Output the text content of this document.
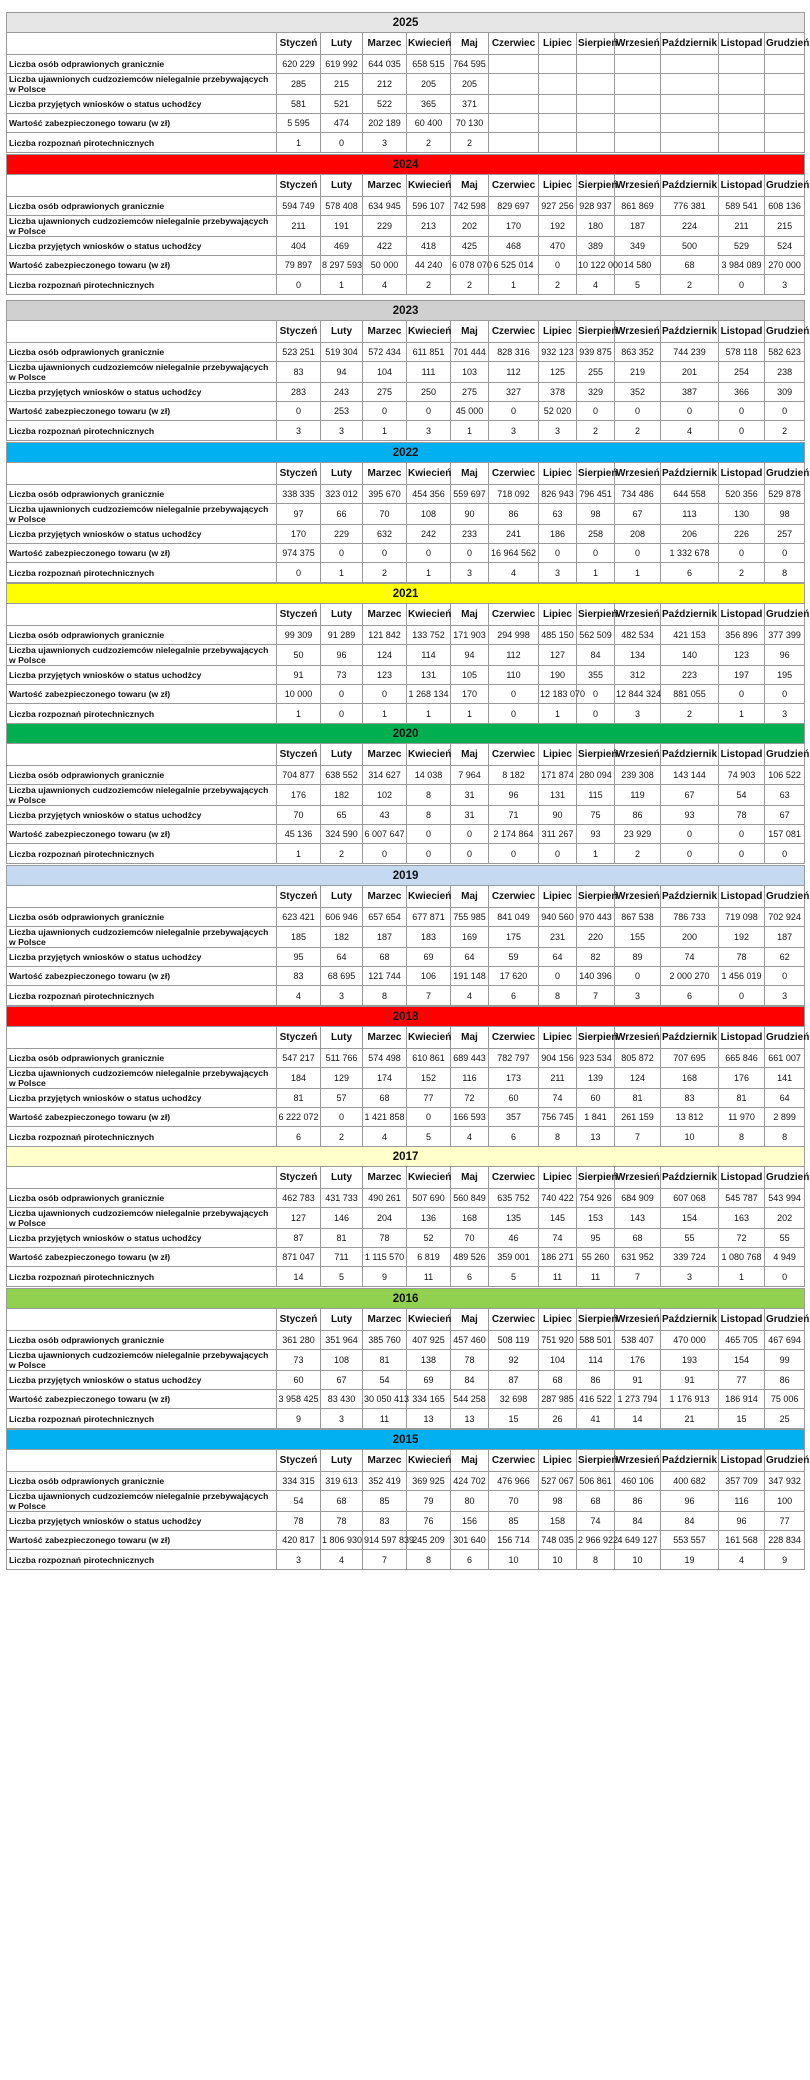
2025												
	Styczeń	Luty	Marzec	Kwiecień	Maj	Czerwiec	Lipiec	Sierpień	Wrzesień	Październik	Listopad	Grudzień
Liczba osób odprawionych granicznie	620 229	619 992	644 035	658 515	764 595							
Liczba ujawnionych cudzoziemców nielegalnie przebywających w Polsce	285	215	212	205	205							
Liczba przyjętych wniosków o status uchodźcy	581	521	522	365	371							
Wartość zabezpieczonego towaru (w zł)	5 595	474	202 189	60 400	70 130							
Liczba rozpoznań pirotechnicznych	1	0	3	2	2							
2024												
	Styczeń	Luty	Marzec	Kwiecień	Maj	Czerwiec	Lipiec	Sierpień	Wrzesień	Październik	Listopad	Grudzień
Liczba osób odprawionych granicznie	594 749	578 408	634 945	596 107	742 598	829 697	927 256	928 937	861 869	776 381	589 541	608 136
Liczba ujawnionych cudzoziemców nielegalnie przebywających w Polsce	211	191	229	213	202	170	192	180	187	224	211	215
Liczba przyjętych wniosków o status uchodźcy	404	469	422	418	425	468	470	389	349	500	529	524
Wartość zabezpieczonego towaru (w zł)	79 897	8 297 593	50 000	44 240	6 078 070	6 525 014	0	10 122 000	14 580	68	3 984 089	270 000
Liczba rozpoznań pirotechnicznych	0	1	4	2	2	1	2	4	5	2	0	3
2023												
	Styczeń	Luty	Marzec	Kwiecień	Maj	Czerwiec	Lipiec	Sierpień	Wrzesień	Październik	Listopad	Grudzień
Liczba osób odprawionych granicznie	523 251	519 304	572 434	611 851	701 444	828 316	932 123	939 875	863 352	744 239	578 118	582 623
Liczba ujawnionych cudzoziemców nielegalnie przebywających w Polsce	83	94	104	111	103	112	125	255	219	201	254	238
Liczba przyjętych wniosków o status uchodźcy	283	243	275	250	275	327	378	329	352	387	366	309
Wartość zabezpieczonego towaru (w zł)	0	253	0	0	45 000	0	52 020	0	0	0	0	0
Liczba rozpoznań pirotechnicznych	3	3	1	3	1	3	3	2	2	4	0	2
2022												
	Styczeń	Luty	Marzec	Kwiecień	Maj	Czerwiec	Lipiec	Sierpień	Wrzesień	Październik	Listopad	Grudzień
Liczba osób odprawionych granicznie	338 335	323 012	395 670	454 356	559 697	718 092	826 943	796 451	734 486	644 558	520 356	529 878
Liczba ujawnionych cudzoziemców nielegalnie przebywających w Polsce	97	66	70	108	90	86	63	98	67	113	130	98
Liczba przyjętych wniosków o status uchodźcy	170	229	632	242	233	241	186	258	208	206	226	257
Wartość zabezpieczonego towaru (w zł)	974 375	0	0	0	0	16 964 562	0	0	0	1 332 678	0	0
Liczba rozpoznań pirotechnicznych	0	1	2	1	3	4	3	1	1	6	2	8
2021												
	Styczeń	Luty	Marzec	Kwiecień	Maj	Czerwiec	Lipiec	Sierpień	Wrzesień	Październik	Listopad	Grudzień
Liczba osób odprawionych granicznie	99 309	91 289	121 842	133 752	171 903	294 998	485 150	562 509	482 534	421 153	356 896	377 399
Liczba ujawnionych cudzoziemców nielegalnie przebywających w Polsce	50	96	124	114	94	112	127	84	134	140	123	96
Liczba przyjętych wniosków o status uchodźcy	91	73	123	131	105	110	190	355	312	223	197	195
Wartość zabezpieczonego towaru (w zł)	10 000	0	0	1 268 134	170	0	12 183 070	0	12 844 324	881 055	0	0
Liczba rozpoznań pirotechnicznych	1	0	1	1	1	0	1	0	3	2	1	3
2020												
	Styczeń	Luty	Marzec	Kwiecień	Maj	Czerwiec	Lipiec	Sierpień	Wrzesień	Październik	Listopad	Grudzień
Liczba osób odprawionych granicznie	704 877	638 552	314 627	14 038	7 964	8 182	171 874	280 094	239 308	143 144	74 903	106 522
Liczba ujawnionych cudzoziemców nielegalnie przebywających w Polsce	176	182	102	8	31	96	131	115	119	67	54	63
Liczba przyjętych wniosków o status uchodźcy	70	65	43	8	31	71	90	75	86	93	78	67
Wartość zabezpieczonego towaru (w zł)	45 136	324 590	6 007 647	0	0	2 174 864	311 267	93	23 929	0	0	157 081
Liczba rozpoznań pirotechnicznych	1	2	0	0	0	0	0	1	2	0	0	0
2019												
	Styczeń	Luty	Marzec	Kwiecień	Maj	Czerwiec	Lipiec	Sierpień	Wrzesień	Październik	Listopad	Grudzień
Liczba osób odprawionych granicznie	623 421	606 946	657 654	677 871	755 985	841 049	940 560	970 443	867 538	786 733	719 098	702 924
Liczba ujawnionych cudzoziemców nielegalnie przebywających w Polsce	185	182	187	183	169	175	231	220	155	200	192	187
Liczba przyjętych wniosków o status uchodźcy	95	64	68	69	64	59	64	82	89	74	78	62
Wartość zabezpieczonego towaru (w zł)	83	68 695	121 744	106	191 148	17 620	0	140 396	0	2 000 270	1 456 019	0
Liczba rozpoznań pirotechnicznych	4	3	8	7	4	6	8	7	3	6	0	3
2018												
	Styczeń	Luty	Marzec	Kwiecień	Maj	Czerwiec	Lipiec	Sierpień	Wrzesień	Październik	Listopad	Grudzień
Liczba osób odprawionych granicznie	547 217	511 766	574 498	610 861	689 443	782 797	904 156	923 534	805 872	707 695	665 846	661 007
Liczba ujawnionych cudzoziemców nielegalnie przebywających w Polsce	184	129	174	152	116	173	211	139	124	168	176	141
Liczba przyjętych wniosków o status uchodźcy	81	57	68	77	72	60	74	60	81	83	81	64
Wartość zabezpieczonego towaru (w zł)	6 222 072	0	1 421 858	0	166 593	357	756 745	1 841	261 159	13 812	11 970	2 899
Liczba rozpoznań pirotechnicznych	6	2	4	5	4	6	8	13	7	10	8	8
2017												
	Styczeń	Luty	Marzec	Kwiecień	Maj	Czerwiec	Lipiec	Sierpień	Wrzesień	Październik	Listopad	Grudzień
Liczba osób odprawionych granicznie	462 783	431 733	490 261	507 690	560 849	635 752	740 422	754 926	684 909	607 068	545 787	543 994
Liczba ujawnionych cudzoziemców nielegalnie przebywających w Polsce	127	146	204	136	168	135	145	153	143	154	163	202
Liczba przyjętych wniosków o status uchodźcy	87	81	78	52	70	46	74	95	68	55	72	55
Wartość zabezpieczonego towaru (w zł)	871 047	711	1 115 570	6 819	489 526	359 001	186 271	55 260	631 952	339 724	1 080 768	4 949
Liczba rozpoznań pirotechnicznych	14	5	9	11	6	5	11	11	7	3	1	0
2016												
	Styczeń	Luty	Marzec	Kwiecień	Maj	Czerwiec	Lipiec	Sierpień	Wrzesień	Październik	Listopad	Grudzień
Liczba osób odprawionych granicznie	361 280	351 964	385 760	407 925	457 460	508 119	751 920	588 501	538 407	470 000	465 705	467 694
Liczba ujawnionych cudzoziemców nielegalnie przebywających w Polsce	73	108	81	138	78	92	104	114	176	193	154	99
Liczba przyjętych wniosków o status uchodźcy	60	67	54	69	84	87	68	86	91	91	77	86
Wartość zabezpieczonego towaru (w zł)	3 958 425	83 430	30 050 413	334 165	544 258	32 698	287 985	416 522	1 273 794	1 176 913	186 914	75 006
Liczba rozpoznań pirotechnicznych	9	3	11	13	13	15	26	41	14	21	15	25
2015												
	Styczeń	Luty	Marzec	Kwiecień	Maj	Czerwiec	Lipiec	Sierpień	Wrzesień	Październik	Listopad	Grudzień
Liczba osób odprawionych granicznie	334 315	319 613	352 419	369 925	424 702	476 966	527 067	506 861	460 106	400 682	357 709	347 932
Liczba ujawnionych cudzoziemców nielegalnie przebywających w Polsce	54	68	85	79	80	70	98	68	86	96	116	100
Liczba przyjętych wniosków o status uchodźcy	78	78	83	76	156	85	158	74	84	84	96	77
Wartość zabezpieczonego towaru (w zł)	420 817	1 806 930	914 597 839	245 209	301 640	156 714	748 035	2 966 922	4 649 127	553 557	161 568	228 834
Liczba rozpoznań pirotechnicznych	3	4	7	8	6	10	10	8	10	19	4	9
